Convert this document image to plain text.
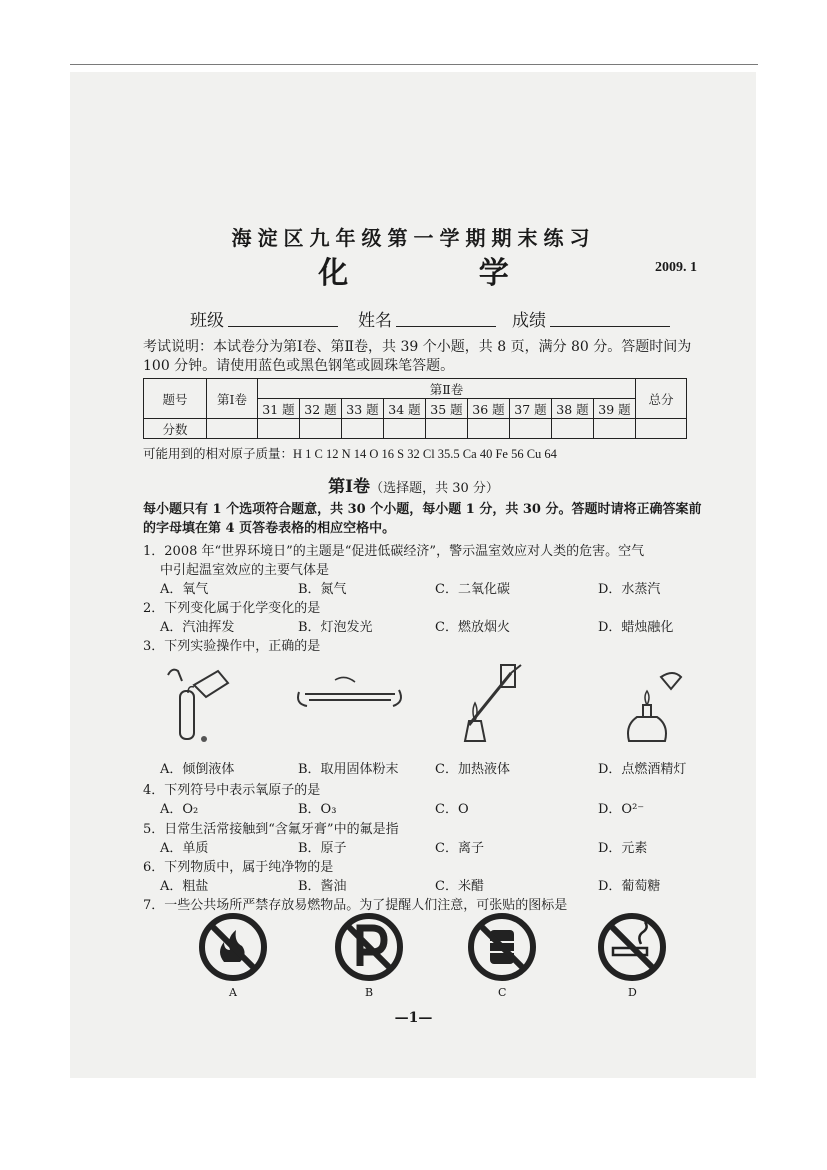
海淀区九年级第一学期期末练习
化 学	2009. 1
班级	姓名	成绩
考试说明：本试卷分为第Ⅰ卷、第Ⅱ卷，共 39 个小题，共 8 页，满分 80 分。答题时间为 100 分钟。请使用蓝色或黑色钢笔或圆珠笔答题。
题号	第Ⅰ卷	第Ⅱ卷									总分
		31 题	32 题	33 题	34 题	35 题	36 题	37 题	38 题	39 题	
分数											
可能用到的相对原子质量：H 1 C 12 N 14 O 16 S 32 Cl 35.5 Ca 40 Fe 56 Cu 64
第Ⅰ卷（选择题，共 30 分）
每小题只有 1 个选项符合题意，共 30 个小题，每小题 1 分，共 30 分。答题时请将正确答案前的字母填在第 4 页答卷表格的相应空格中。
1．2008 年“世界环境日”的主题是“促进低碳经济”，警示温室效应对人类的危害。空气
中引起温室效应的主要气体是
A．氧气	B．氮气	C．二氧化碳	D．水蒸汽
2．下列变化属于化学变化的是
A．汽油挥发	B．灯泡发光	C．燃放烟火	D．蜡烛融化
3．下列实验操作中，正确的是
A．倾倒液体	B．取用固体粉末	C．加热液体	D．点燃酒精灯
4．下列符号中表示氧原子的是
A．O₂	B．O₃	C．O	D．O²⁻
5．日常生活常接触到“含氟牙膏”中的氟是指
A．单质	B．原子	C．离子	D．元素
6．下列物质中，属于纯净物的是
A．粗盐	B．酱油	C．米醋	D．葡萄糖
7．一些公共场所严禁存放易燃物品。为了提醒人们注意，可张贴的图标是
A	B	C	D
—1—
